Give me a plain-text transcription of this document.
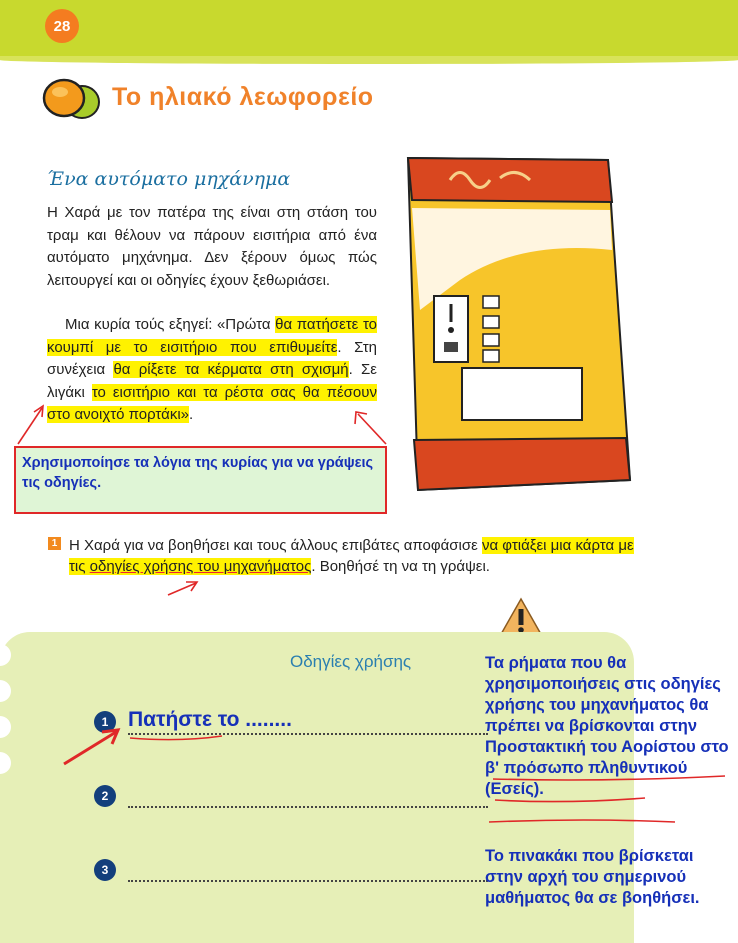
28
Το ηλιακό λεωφορείο
Ένα αυτόματο μηχάνημα
Η Χαρά με τον πατέρα της είναι στη στάση του τραμ και θέλουν να πάρουν εισιτήρια από ένα αυτόματο μηχάνημα. Δεν ξέρουν όμως πώς λειτουργεί και οι οδηγίες έχουν ξεθωριάσει.
Μια κυρία τούς εξηγεί: «Πρώτα θα πατήσετε το κουμπί με το εισιτήριο που επιθυμείτε. Στη συνέχεια θα ρίξετε τα κέρματα στη σχισμή. Σε λιγάκι το εισιτήριο και τα ρέστα σας θα πέσουν στο ανοιχτό πορτάκι».
Χρησιμοποίησε τα λόγια της κυρίας για να γράψεις τις οδηγίες.
1 Η Χαρά για να βοηθήσει και τους άλλους επιβάτες αποφάσισε να φτιάξει μια κάρτα με τις οδηγίες χρήσης του μηχανήματος. Βοηθήσέ τη να τη γράψει.
Οδηγίες χρήσης
1 Πατήστε το ........
2
3
Τα ρήματα που θα χρησιμοποιήσεις στις οδηγίες χρήσης του μηχανήματος θα πρέπει να βρίσκονται στην Προστακτική του Αορίστου στο β' πρόσωπο πληθυντικού (Εσείς).
Το πινακάκι που βρίσκεται στην αρχή του σημερινού μαθήματος θα σε βοηθήσει.
